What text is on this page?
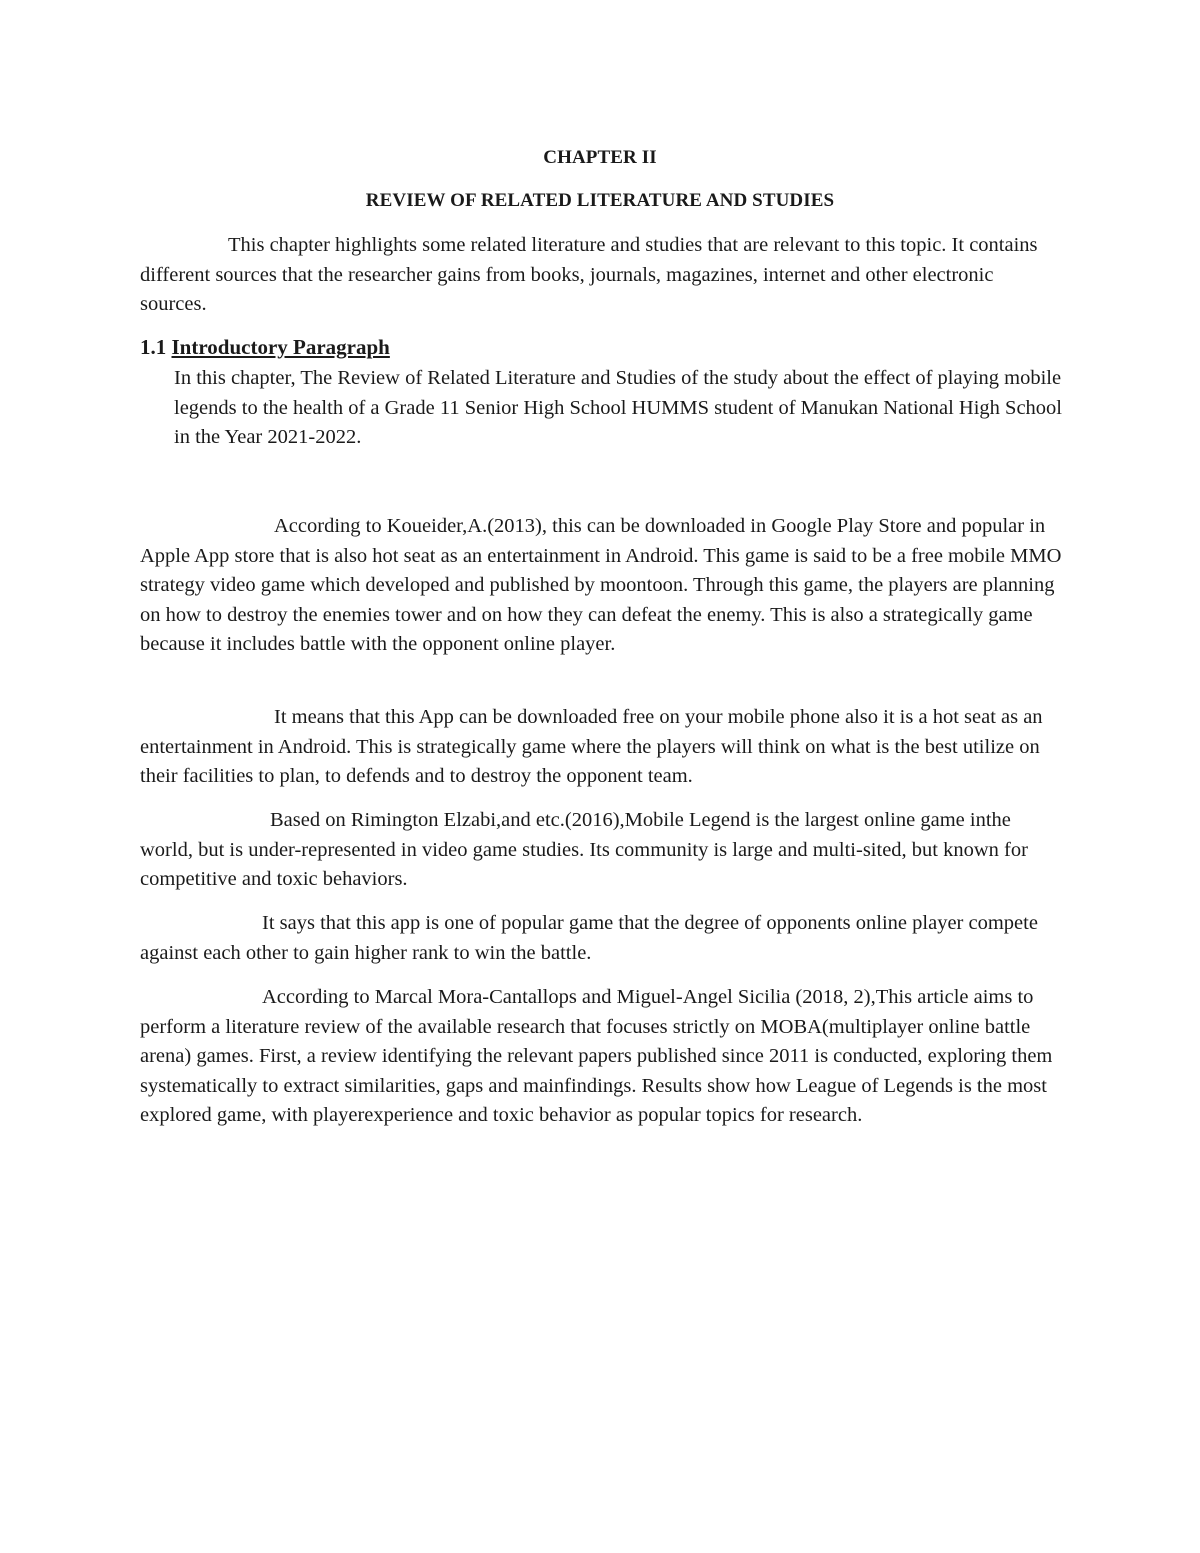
CHAPTER II
REVIEW OF RELATED LITERATURE AND STUDIES

This chapter highlights some related literature and studies that are relevant to this topic. It contains different sources that the researcher gains from books, journals, magazines, internet and other electronic sources.

1.1 Introductory Paragraph

In this chapter, The Review of Related Literature and Studies of the study about the effect of playing mobile legends to the health of a Grade 11 Senior High School HUMMS student of Manukan National High School in the Year 2021-2022.

According to Koueider,A.(2013), this can be downloaded in Google Play Store and popular in Apple App store that is also hot seat as an entertainment in Android. This game is said to be a free mobile MMO strategy video game which developed and published by moontoon. Through this game, the players are planning on how to destroy the enemies tower and on how they can defeat the enemy. This is also a strategically game because it includes battle with the opponent online player.

It means that this App can be downloaded free on your mobile phone also it is a hot seat as an entertainment in Android. This is strategically game where the players will think on what is the best utilize on their facilities to plan, to defends and to destroy the opponent team.

Based on Rimington Elzabi,and etc.(2016),Mobile Legend is the largest online game inthe world, but is under-represented in video game studies. Its community is large and multi-sited, but known for competitive and toxic behaviors.

It says that this app is one of popular game that the degree of opponents online player compete against each other to gain higher rank to win the battle.

According to Marcal Mora-Cantallops and Miguel-Angel Sicilia (2018, 2),This article aims to perform a literature review of the available research that focuses strictly on MOBA(multiplayer online battle arena) games. First, a review identifying the relevant papers published since 2011 is conducted, exploring them systematically to extract similarities, gaps and mainfindings. Results show how League of Legends is the most explored game, with playerexperience and toxic behavior as popular topics for research.
